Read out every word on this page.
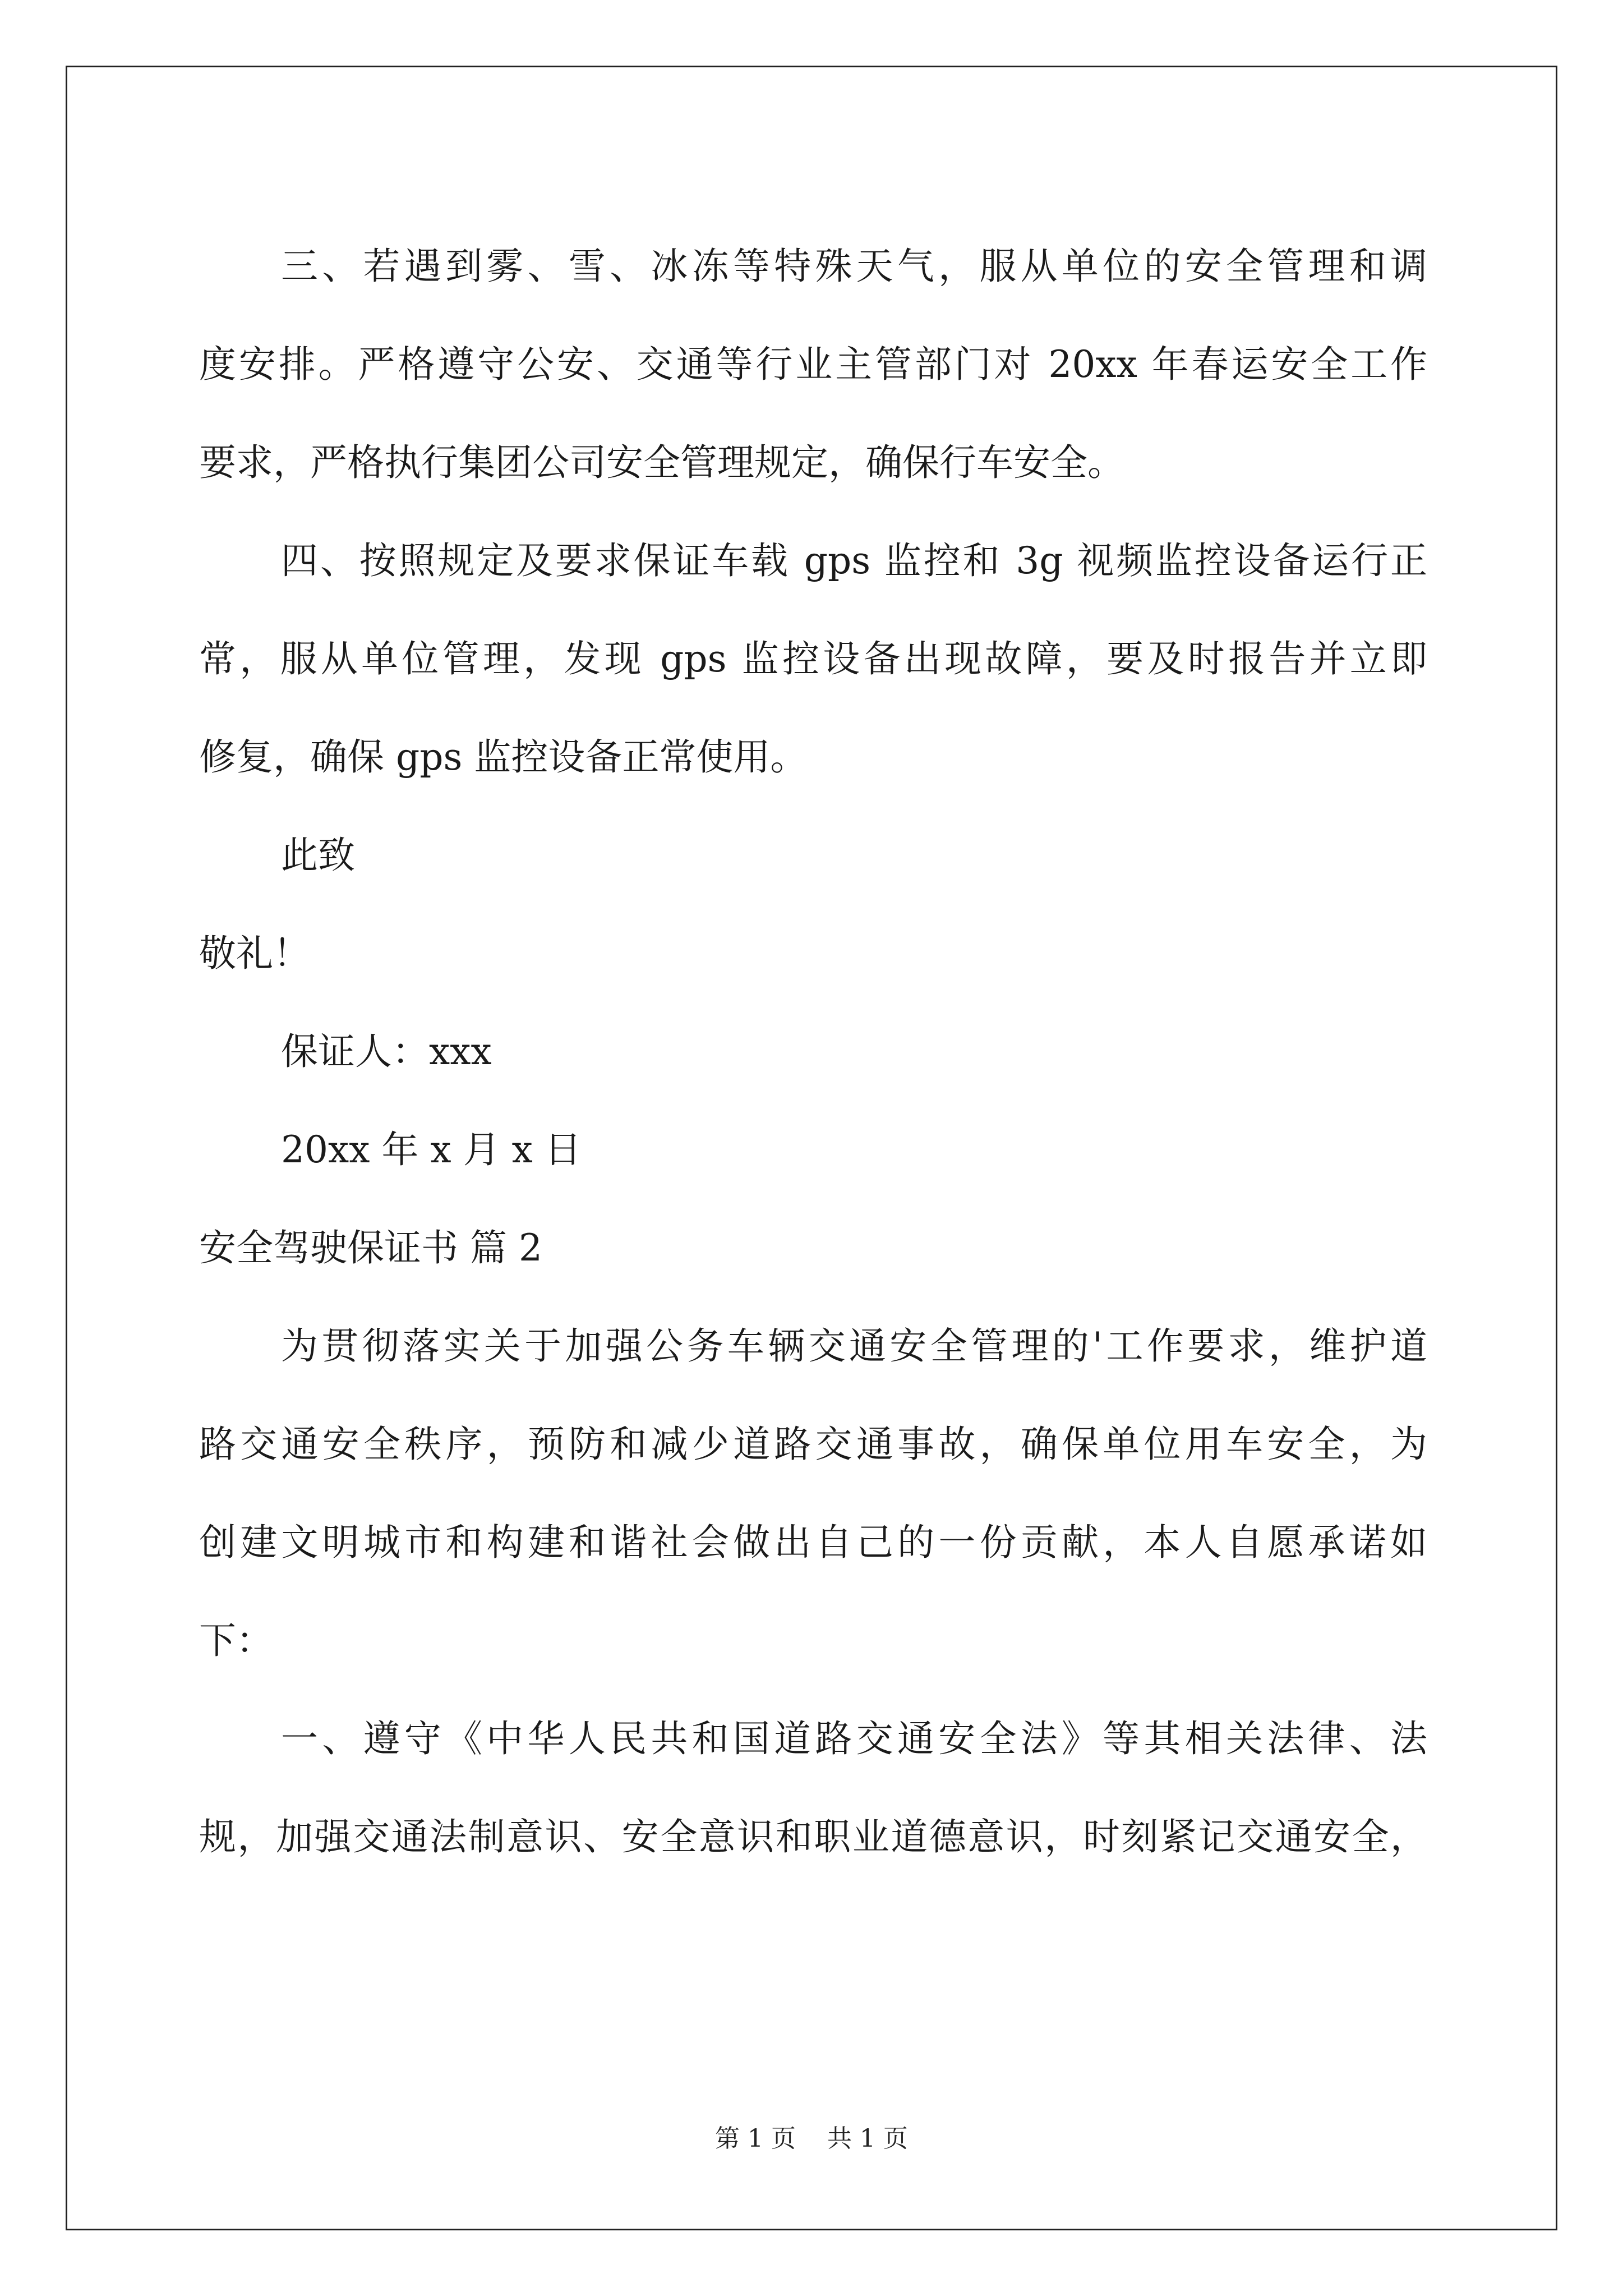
三、若遇到雾、雪、冰冻等特殊天气，服从单位的安全管理和调
度安排。严格遵守公安、交通等行业主管部门对 20xx 年春运安全工作
要求，严格执行集团公司安全管理规定，确保行车安全。
四、按照规定及要求保证车载 gps 监控和 3g 视频监控设备运行正
常，服从单位管理，发现 gps 监控设备出现故障，要及时报告并立即
修复，确保 gps 监控设备正常使用。
此致
敬礼！
保证人：xxx
20xx 年 x 月 x 日
安全驾驶保证书 篇 2
为贯彻落实关于加强公务车辆交通安全管理的'工作要求，维护道
路交通安全秩序，预防和减少道路交通事故，确保单位用车安全，为
创建文明城市和构建和谐社会做出自己的一份贡献，本人自愿承诺如
下：
一、遵守《中华人民共和国道路交通安全法》等其相关法律、法
规，加强交通法制意识、安全意识和职业道德意识，时刻紧记交通安全，
第 1 页 共 1 页
